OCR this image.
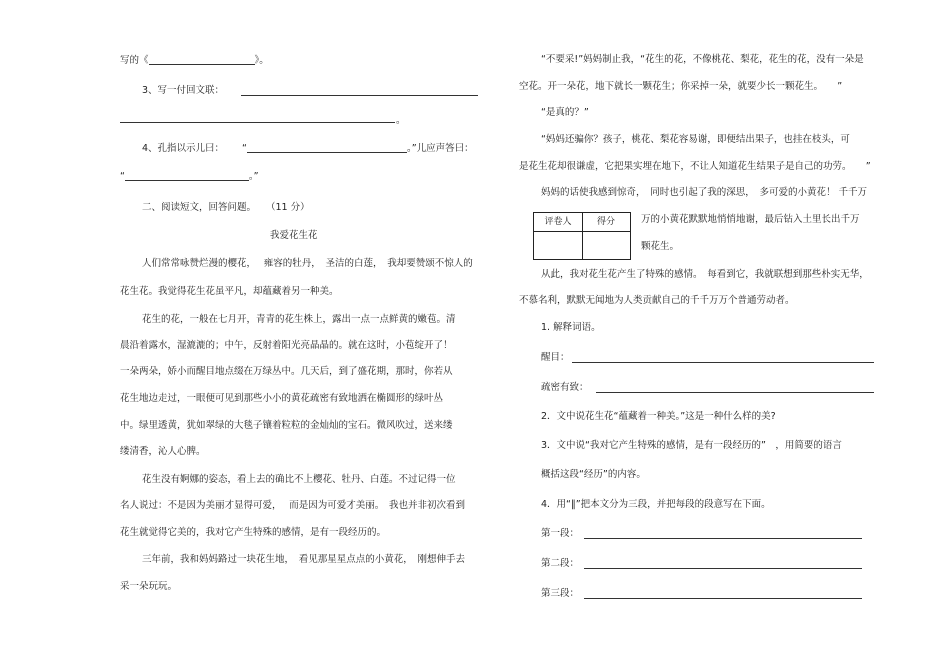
写的《	》。
3、写一付回文联：
。
4、孔指以示儿曰： “	。”儿应声答曰：
“	。”
二、阅读短文，回答问题。 （11 分）
我爱花生花
人们常常咏赞烂漫的樱花，　 雍容的牡丹，　圣洁的白莲，　我却要赞颂不惊人的
花生花。我觉得花生花虽平凡，却蕴藏着另一种美。
花生的花，一般在七月开，青青的花生株上，露出一点一点鲜黄的嫩苞。清
晨沿着露水，湿漉漉的；中午，反射着阳光亮晶晶的。就在这时，小苞绽开了！
一朵两朵，娇小而醒目地点缀在万绿丛中。几天后，到了盛花期，那时，你若从
花生地边走过，一眼便可见到那些小小的黄花疏密有致地洒在椭圆形的绿叶丛
中。绿里透黄，犹如翠绿的大毯子镶着粒粒的金灿灿的宝石。微风吹过，送来缕
缕清香，沁人心脾。
花生没有婀娜的姿态，看上去的确比不上樱花、牡丹、白莲。不过记得一位
名人说过：不是因为美丽才显得可爱，　 而是因为可爱才美丽。　我也并非初次看到
花生就觉得它美的，我对它产生特殊的感情，是有一段经历的。
三年前，我和妈妈路过一块花生地，　看见那星星点点的小黄花，　刚想伸手去
采一朵玩玩。
“不要采!”妈妈制止我，“花生的花，不像桃花、梨花，花生的花，没有一朵是
空花。开一朵花，地下就长一颗花生；你采掉一朵，就要少长一颗花生。　　”
“是真的？”
“妈妈还骗你？孩子，桃花、梨花容易谢，即便结出果子，也挂在枝头，可
是花生花却很谦虚，它把果实埋在地下，不让人知道花生结果子是自己的功劳。　　”
妈妈的话使我感到惊奇，　同时也引起了我的深思，　多可爱的小黄花！ 千千万
评卷人	得分	万的小黄花默默地悄悄地谢，最后钻入土里长出千万
颗花生。
从此，我对花生花产生了特殊的感情。　每看到它，我就联想到那些朴实无华，
不慕名利，默默无闻地为人类贡献自己的千千万万个普通劳动者。
1. 解释词语。
醒目：
疏密有致：
2．文中说花生花“蕴藏着一种美。”这是一种什么样的美?
3．文中说“我对它产生特殊的感情，是有一段经历的”　，用简要的语言
概括这段“经历”的内容。
4．用“‖”把本文分为三段，并把每段的段意写在下面。
第一段：
第二段：
第三段：
